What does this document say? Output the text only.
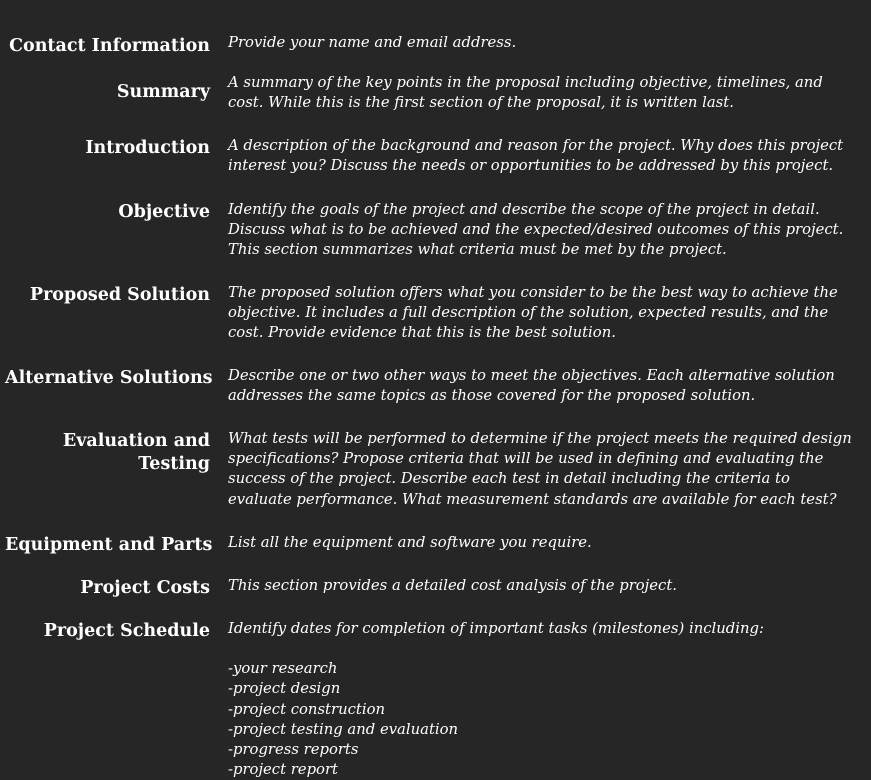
Contact Information Provide your name and email address.
Summary A summary of the key points in the proposal including objective, timelines, and
cost. While this is the first section of the proposal, it is written last.
Introduction A description of the background and reason for the project. Why does this project
interest you? Discuss the needs or opportunities to be addressed by this project.
Objective Identify the goals of the project and describe the scope of the project in detail.
Discuss what is to be achieved and the expected/desired outcomes of this project.
This section summarizes what criteria must be met by the project.
Proposed Solution The proposed solution offers what you consider to be the best way to achieve the
objective. It includes a full description of the solution, expected results, and the
cost. Provide evidence that this is the best solution.
Alternative Solutions Describe one or two other ways to meet the objectives. Each alternative solution
addresses the same topics as those covered for the proposed solution.
Evaluation and
Testing
What tests will be performed to determine if the project meets the required design
specifications? Propose criteria that will be used in defining and evaluating the
success of the project. Describe each test in detail including the criteria to
evaluate performance. What measurement standards are available for each test?
Equipment and Parts List all the equipment and software you require.
Project Costs This section provides a detailed cost analysis of the project.
Project Schedule Identify dates for completion of important tasks (milestones) including:
-your research
-project design
-project construction
-project testing and evaluation
-progress reports
-project report
